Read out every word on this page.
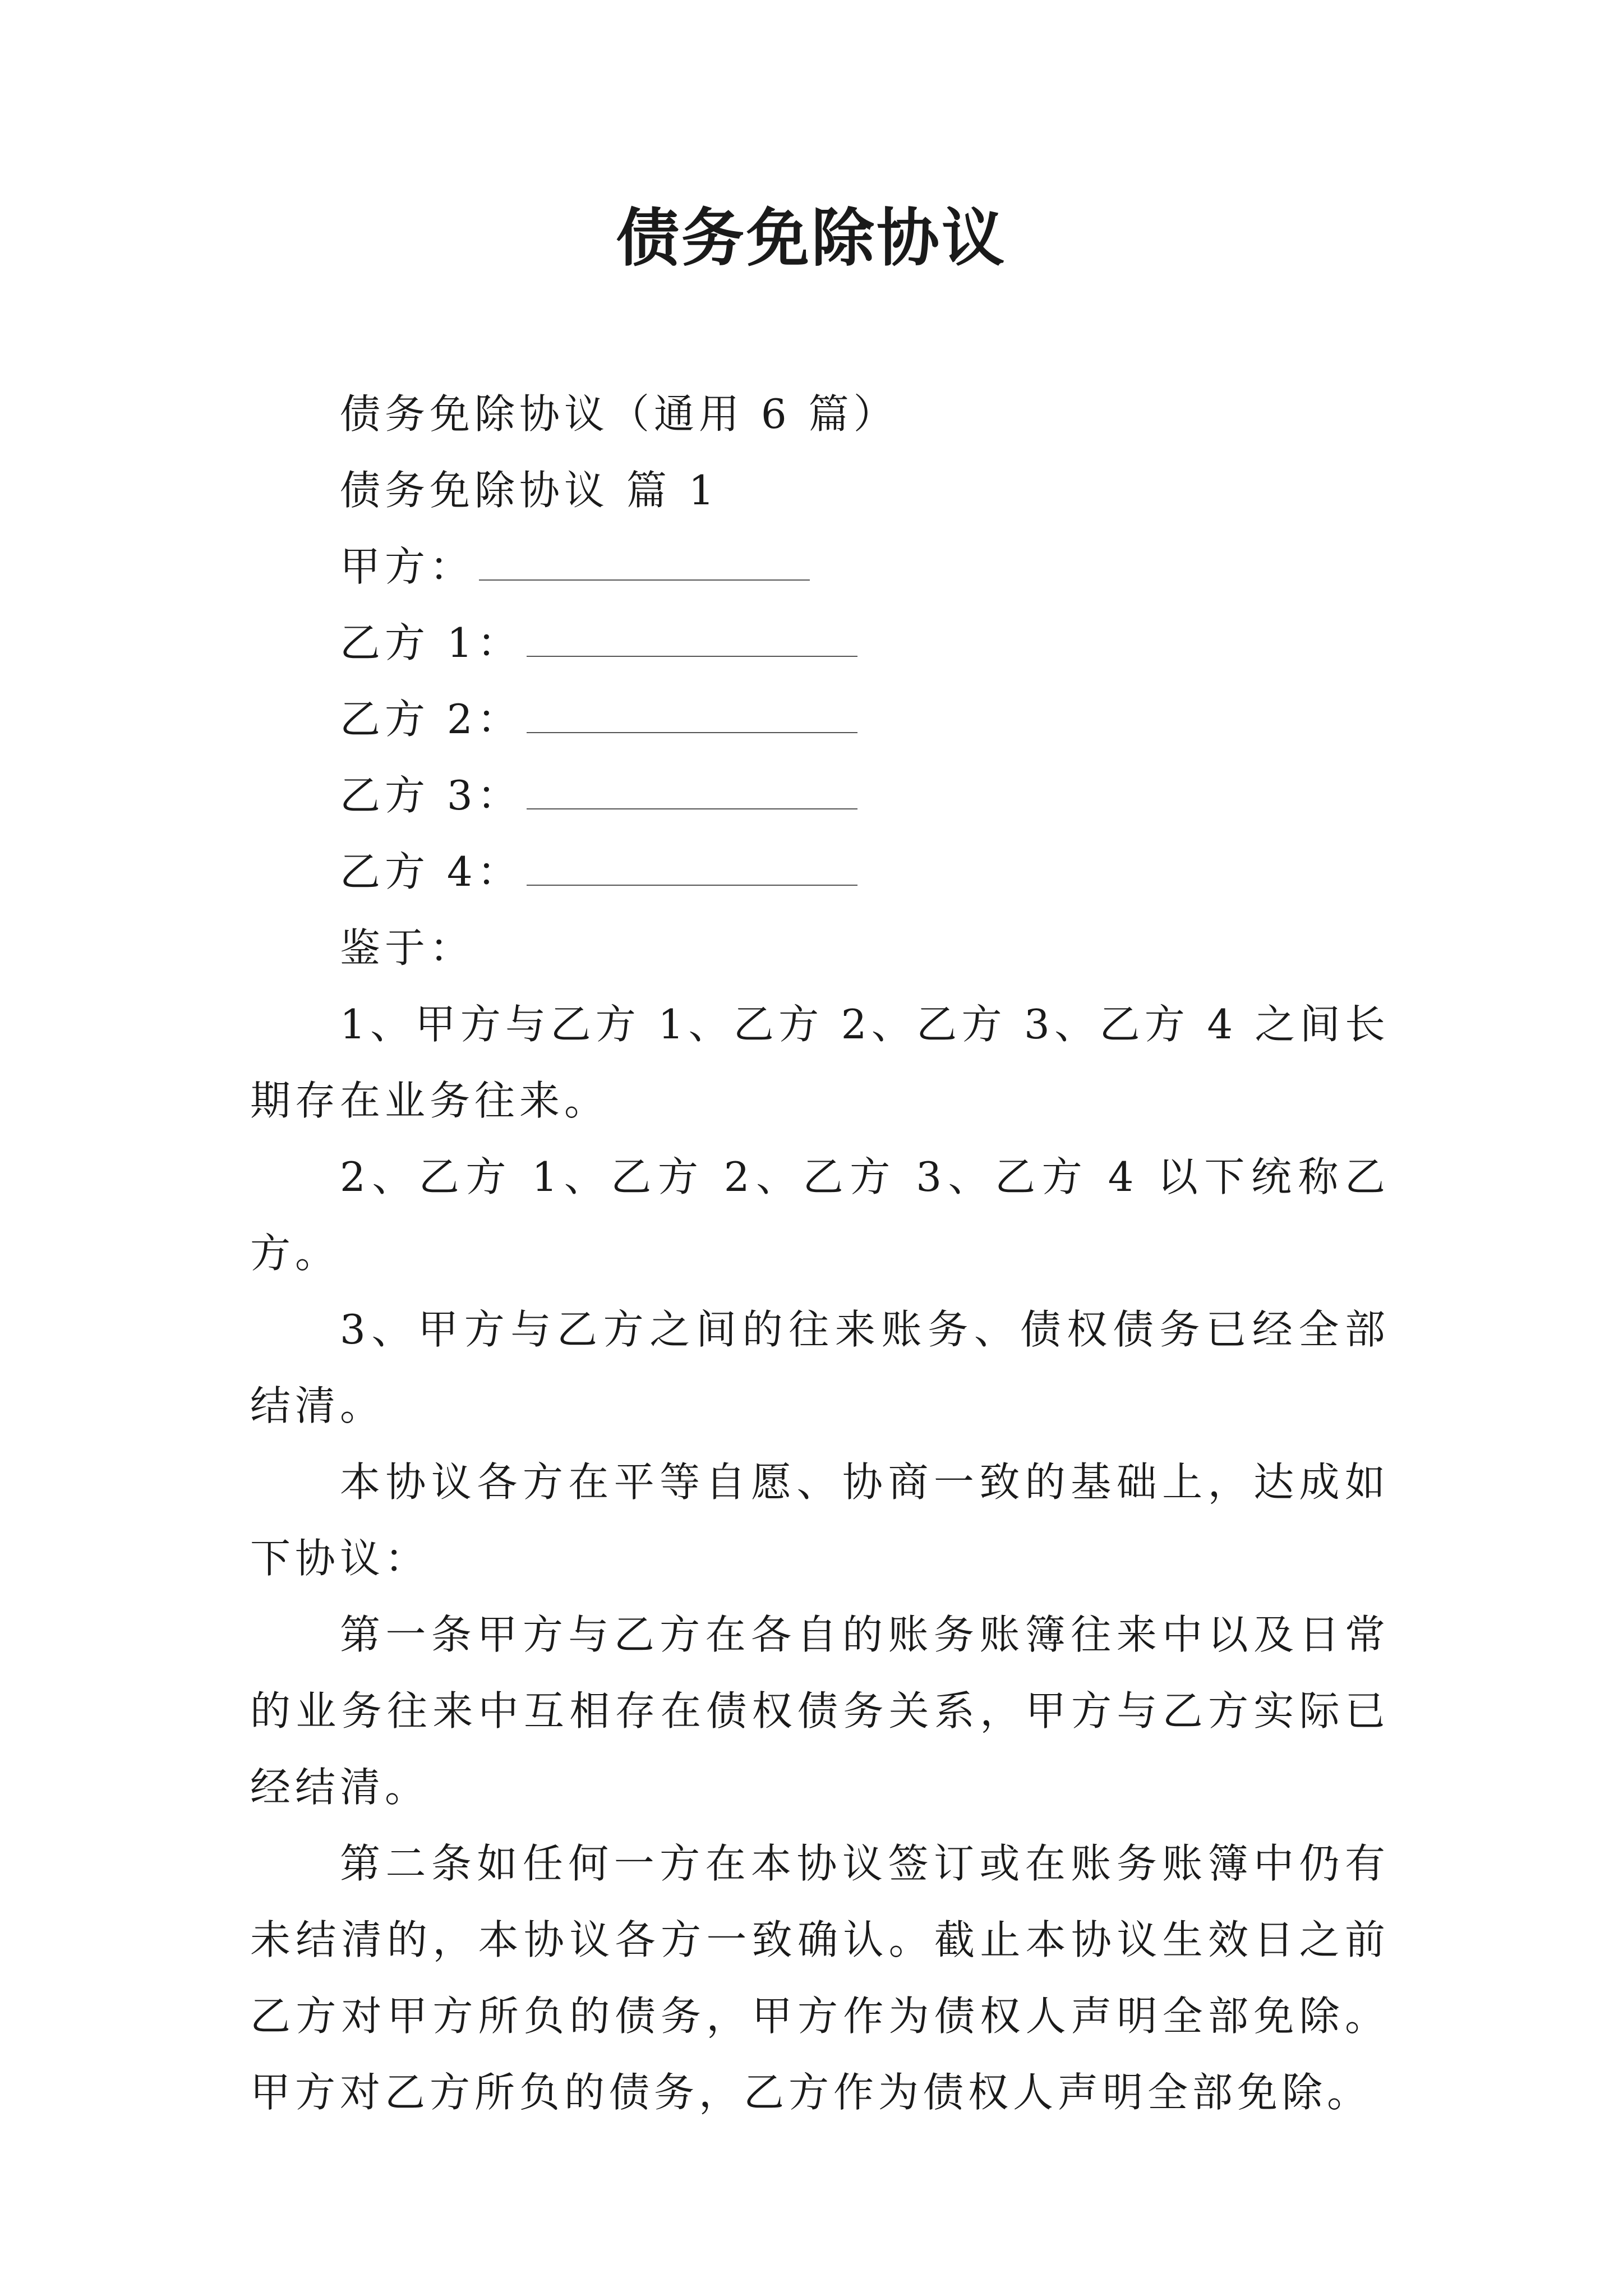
债务免除协议
债务免除协议（通用 6 篇）
债务免除协议 篇 1
甲方：
乙方 1：
乙方 2：
乙方 3：
乙方 4：
鉴于：
1、甲方与乙方 1、乙方 2、乙方 3、乙方 4 之间长期存在业务往来。
2、乙方 1、乙方 2、乙方 3、乙方 4 以下统称乙方。
3、甲方与乙方之间的往来账务、债权债务已经全部结清。
本协议各方在平等自愿、协商一致的基础上，达成如下协议：
第一条甲方与乙方在各自的账务账簿往来中以及日常的业务往来中互相存在债权债务关系，甲方与乙方实际已经结清。
第二条如任何一方在本协议签订或在账务账簿中仍有未结清的，本协议各方一致确认。截止本协议生效日之前乙方对甲方所负的债务，甲方作为债权人声明全部免除。甲方对乙方所负的债务，乙方作为债权人声明全部免除。
